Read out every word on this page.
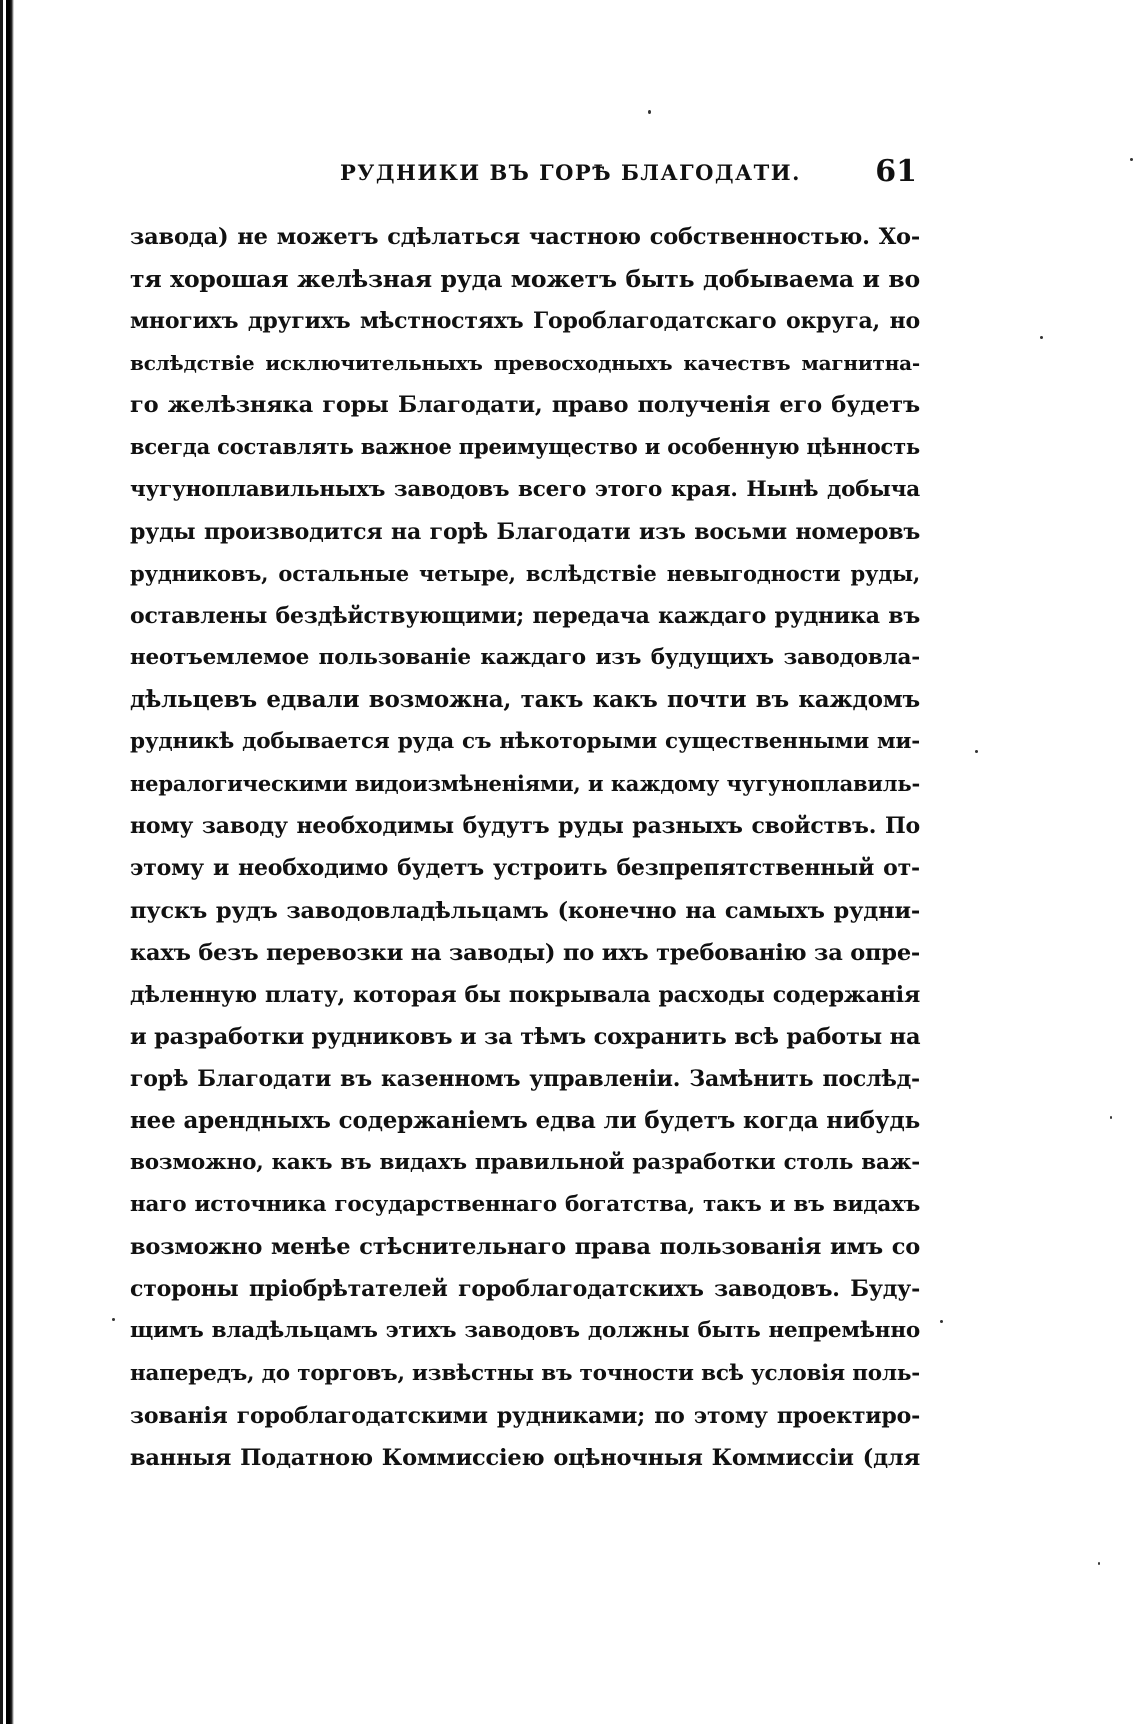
РУДНИКИ ВЪ ГОРѢ БЛАГОДАТИ. 61
завода) не можетъ сдѣлаться частною собственностью. Хо-
тя хорошая желѣзная руда можетъ быть добываема и во
многихъ другихъ мѣстностяхъ Гороблагодатскаго округа, но
вслѣдствіе исключительныхъ превосходныхъ качествъ магнитна-
го желѣзняка горы Благодати, право полученія его будетъ
всегда составлять важное преимущество и особенную цѣнность
чугуноплавильныхъ заводовъ всего этого края. Нынѣ добыча
руды производится на горѣ Благодати изъ восьми номеровъ
рудниковъ, остальные четыре, вслѣдствіе невыгодности руды,
оставлены бездѣйствующими; передача каждаго рудника въ
неотъемлемое пользованіе каждаго изъ будущихъ заводовла-
дѣльцевъ едвали возможна, такъ какъ почти въ каждомъ
рудникѣ добывается руда съ нѣкоторыми существенными ми-
нералогическими видоизмѣненіями, и каждому чугуноплавиль-
ному заводу необходимы будутъ руды разныхъ свойствъ. По
этому и необходимо будетъ устроить безпрепятственный от-
пускъ рудъ заводовладѣльцамъ (конечно на самыхъ рудни-
кахъ безъ перевозки на заводы) по ихъ требованію за опре-
дѣленную плату, которая бы покрывала расходы содержанія
и разработки рудниковъ и за тѣмъ сохранить всѣ работы на
горѣ Благодати въ казенномъ управленіи. Замѣнить послѣд-
нее арендныхъ содержаніемъ едва ли будетъ когда нибудь
возможно, какъ въ видахъ правильной разработки столь важ-
наго источника государственнаго богатства, такъ и въ видахъ
возможно менѣе стѣснительнаго права пользованія имъ со
стороны пріобрѣтателей гороблагодатскихъ заводовъ. Буду-
щимъ владѣльцамъ этихъ заводовъ должны быть непремѣнно
напередъ, до торговъ, извѣстны въ точности всѣ условія поль-
зованія гороблагодатскими рудниками; по этому проектиро-
ванныя Податною Коммиссіею оцѣночныя Коммиссіи (для
